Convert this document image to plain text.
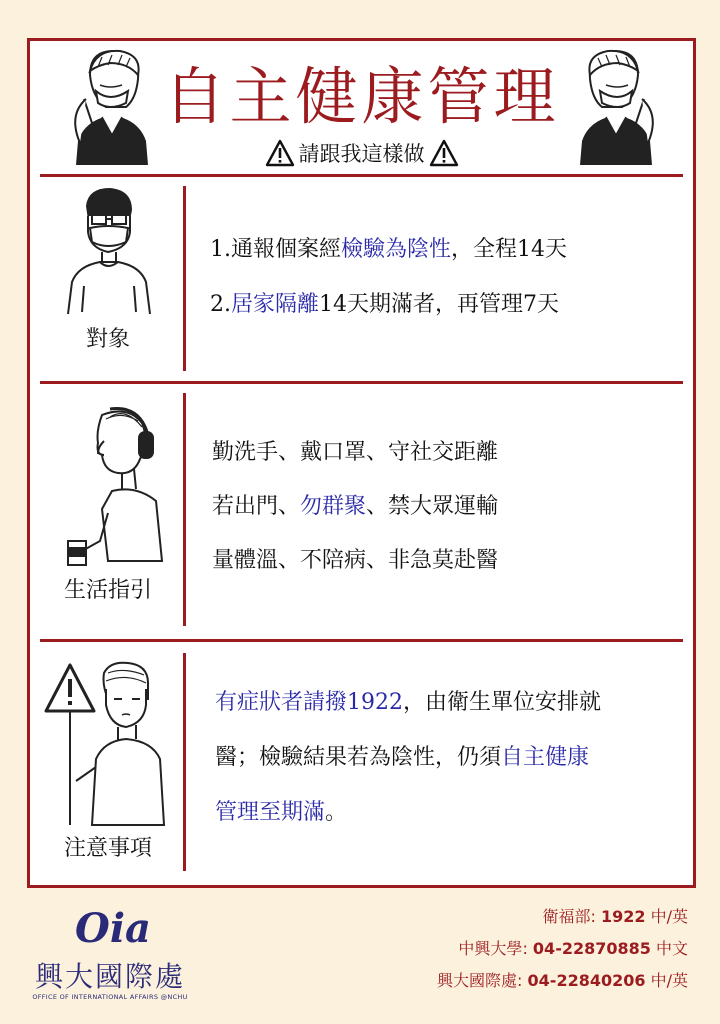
自主健康管理
請跟我這樣做
對象
1.通報個案經檢驗為陰性，全程14天
2.居家隔離14天期滿者，再管理7天
生活指引
勤洗手、戴口罩、守社交距離
若出門、勿群聚、禁大眾運輸
量體溫、不陪病、非急莫赴醫
注意事項
有症狀者請撥1922，由衛生單位安排就
醫；檢驗結果若為陰性，仍須自主健康
管理至期滿。
Oia
興大國際處
OFFICE OF INTERNATIONAL AFFAIRS @NCHU
衛福部: 1922 中/英
中興大學: 04-22870885 中文
興大國際處: 04-22840206 中/英
